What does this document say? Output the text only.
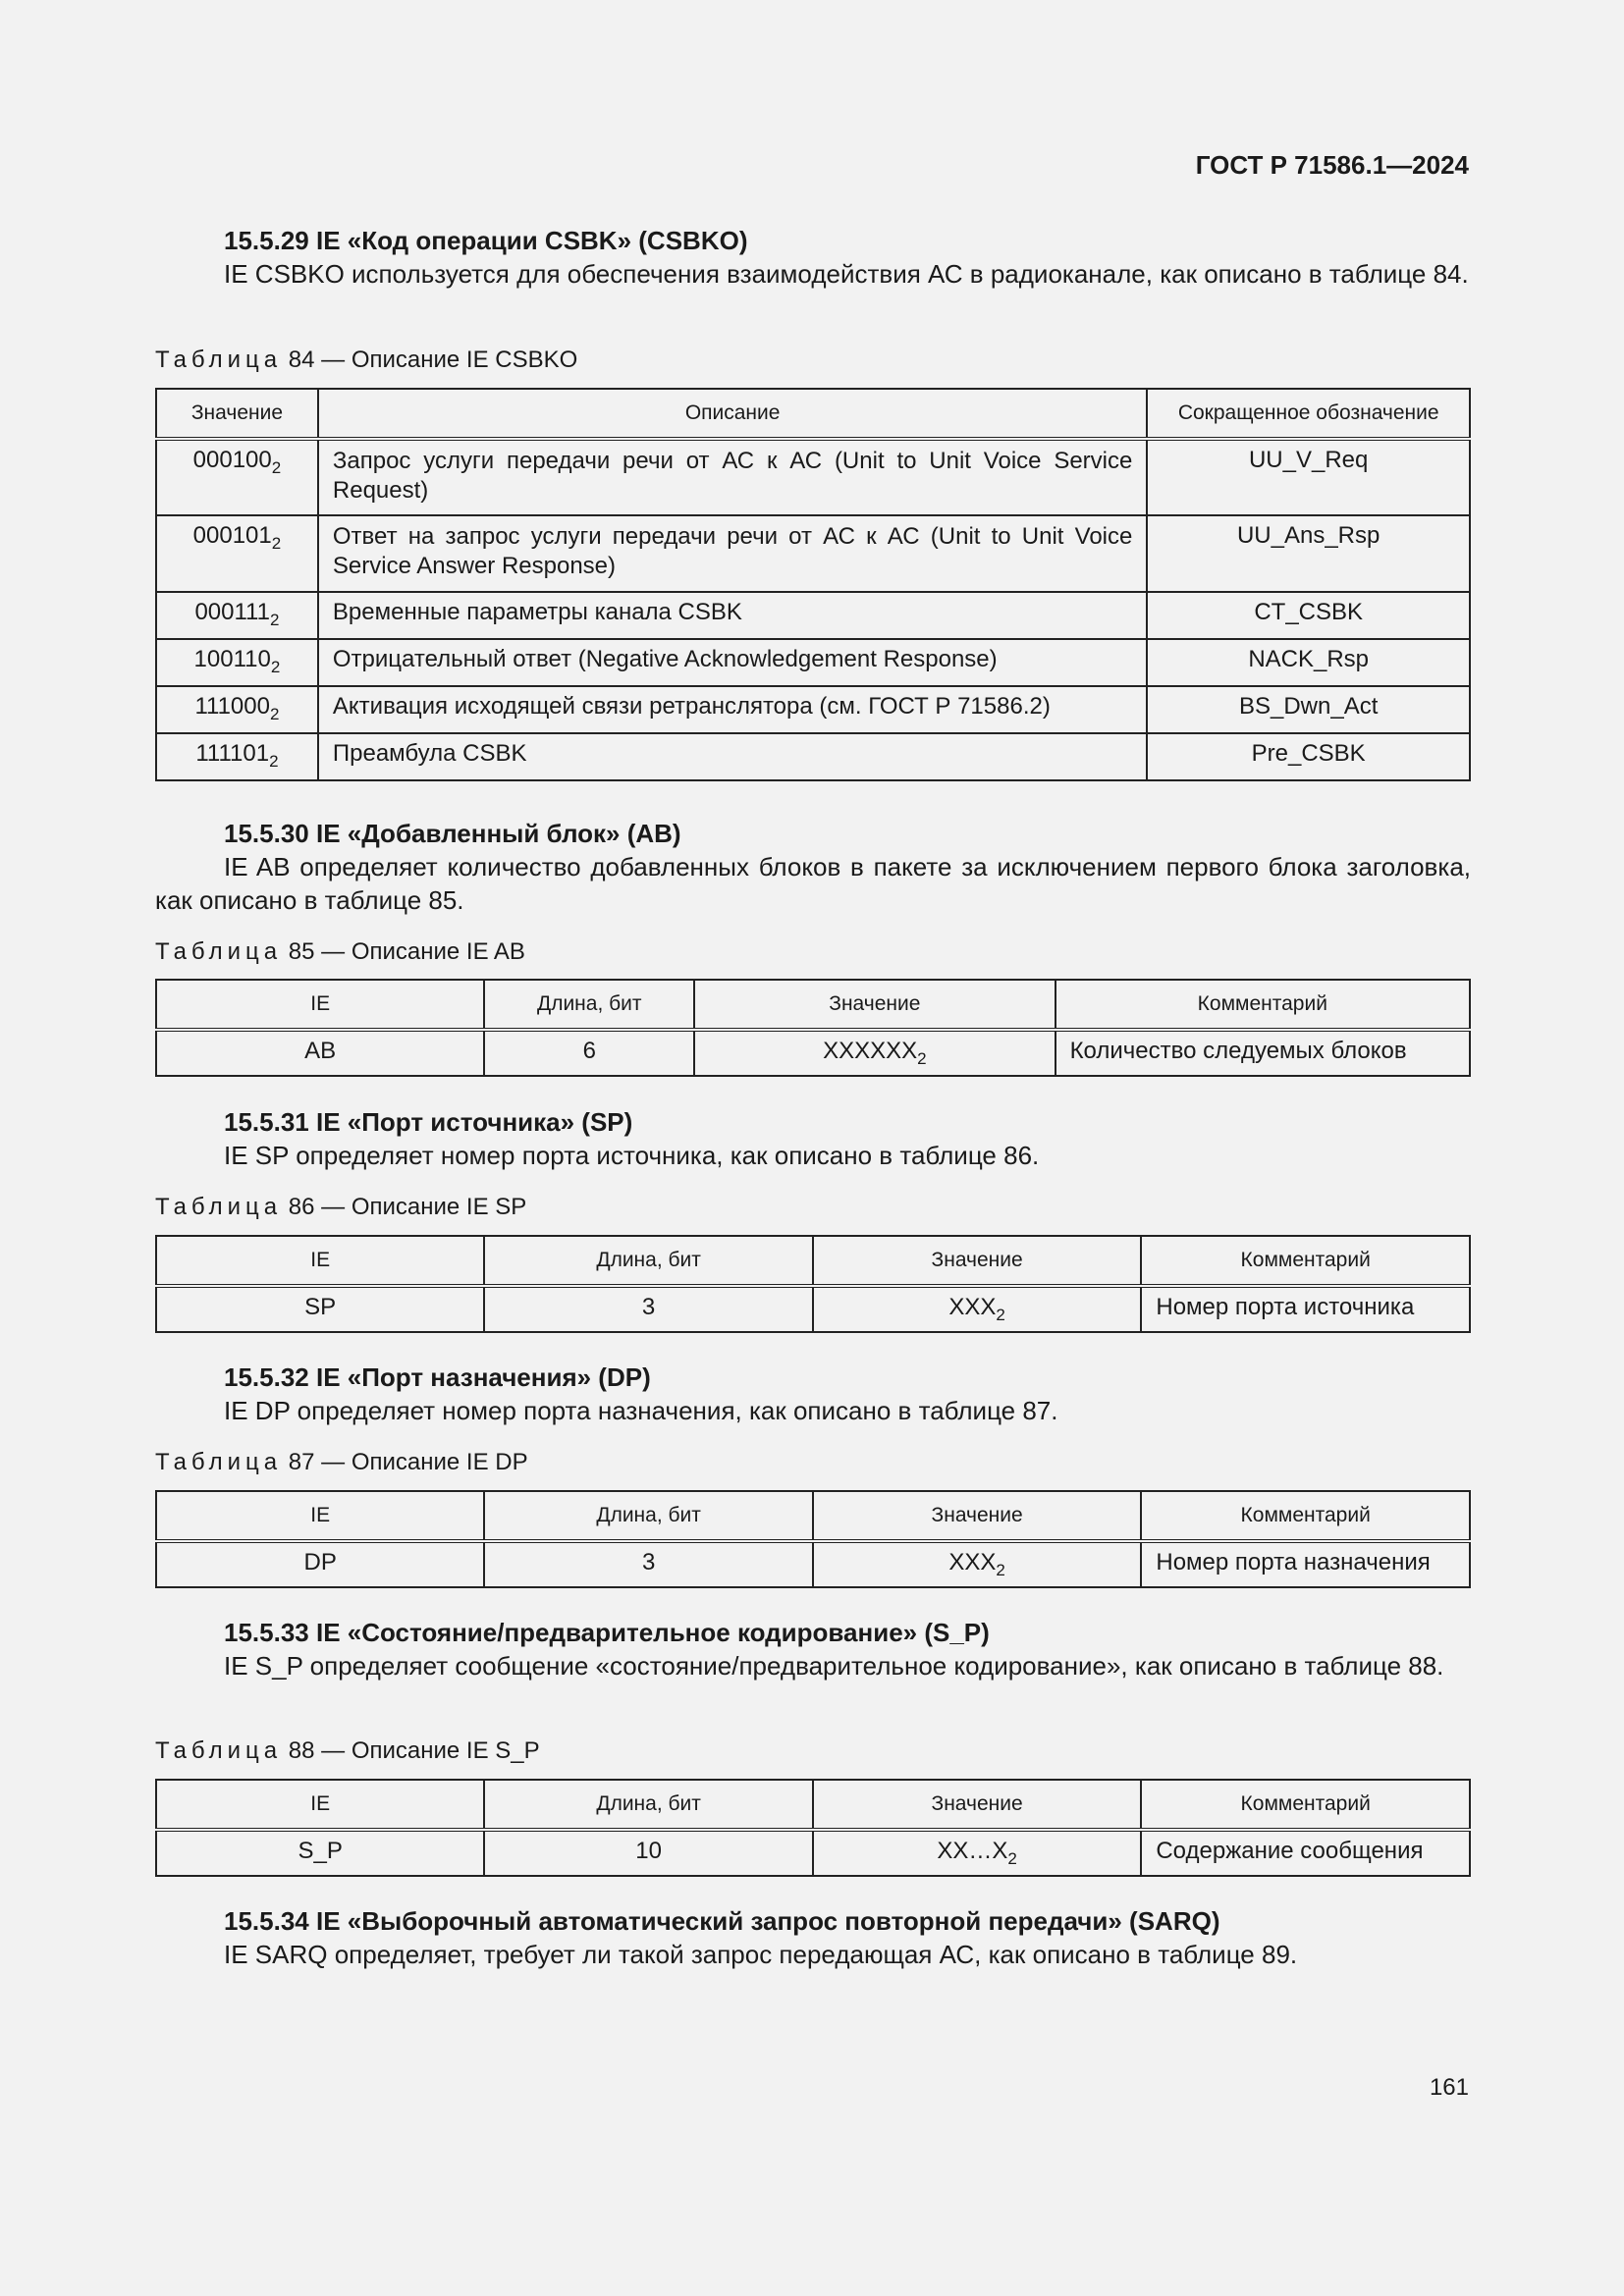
ГОСТ Р 71586.1—2024
15.5.29 IE «Код операции CSBK» (CSBKO)

IE CSBKO используется для обеспечения взаимодействия АС в радиоканале, как описано в таблице 84.

Таблица 84 — Описание IE CSBKO
Значение	Описание	Сокращенное обозначение
$000100_2$	Запрос услуги передачи речи от АС к АС (Unit to Unit Voice Service Request)	UU_V_Req
$000101_2$	Ответ на запрос услуги передачи речи от АС к АС (Unit to Unit Voice Service Answer Response)	UU_Ans_Rsp
$000111_2$	Временные параметры канала CSBK	CT_CSBK
$100110_2$	Отрицательный ответ (Negative Acknowledgement Response)	NACK_Rsp
$111000_2$	Активация исходящей связи ретранслятора (см. ГОСТ Р 71586.2)	BS_Dwn_Act
$111101_2$	Преамбула CSBK	Pre_CSBK
15.5.30 IE «Добавленный блок» (AB)

IE AB определяет количество добавленных блоков в пакете за исключением первого блока заголовка, как описано в таблице 85.

Таблица 85 — Описание IE AB
IE	Длина, бит	Значение	Комментарий
AB	6	$XXXXXX_2$	Количество следуемых блоков
15.5.31 IE «Порт источника» (SP)

IE SP определяет номер порта источника, как описано в таблице 86.

Таблица 86 — Описание IE SP
IE	Длина, бит	Значение	Комментарий
SP	3	$XXX_2$	Номер порта источника
15.5.32 IE «Порт назначения» (DP)

IE DP определяет номер порта назначения, как описано в таблице 87.

Таблица 87 — Описание IE DP
IE	Длина, бит	Значение	Комментарий
DP	3	$XXX_2$	Номер порта назначения
15.5.33 IE «Состояние/предварительное кодирование» (S_P)

IE S_P определяет сообщение «состояние/предварительное кодирование», как описано в таблице 88.

Таблица 88 — Описание IE S_P
IE	Длина, бит	Значение	Комментарий
S_P	10	$XX\dots X_2$	Содержание сообщения
15.5.34 IE «Выборочный автоматический запрос повторной передачи» (SARQ)

IE SARQ определяет, требует ли такой запрос передающая АС, как описано в таблице 89.

161
